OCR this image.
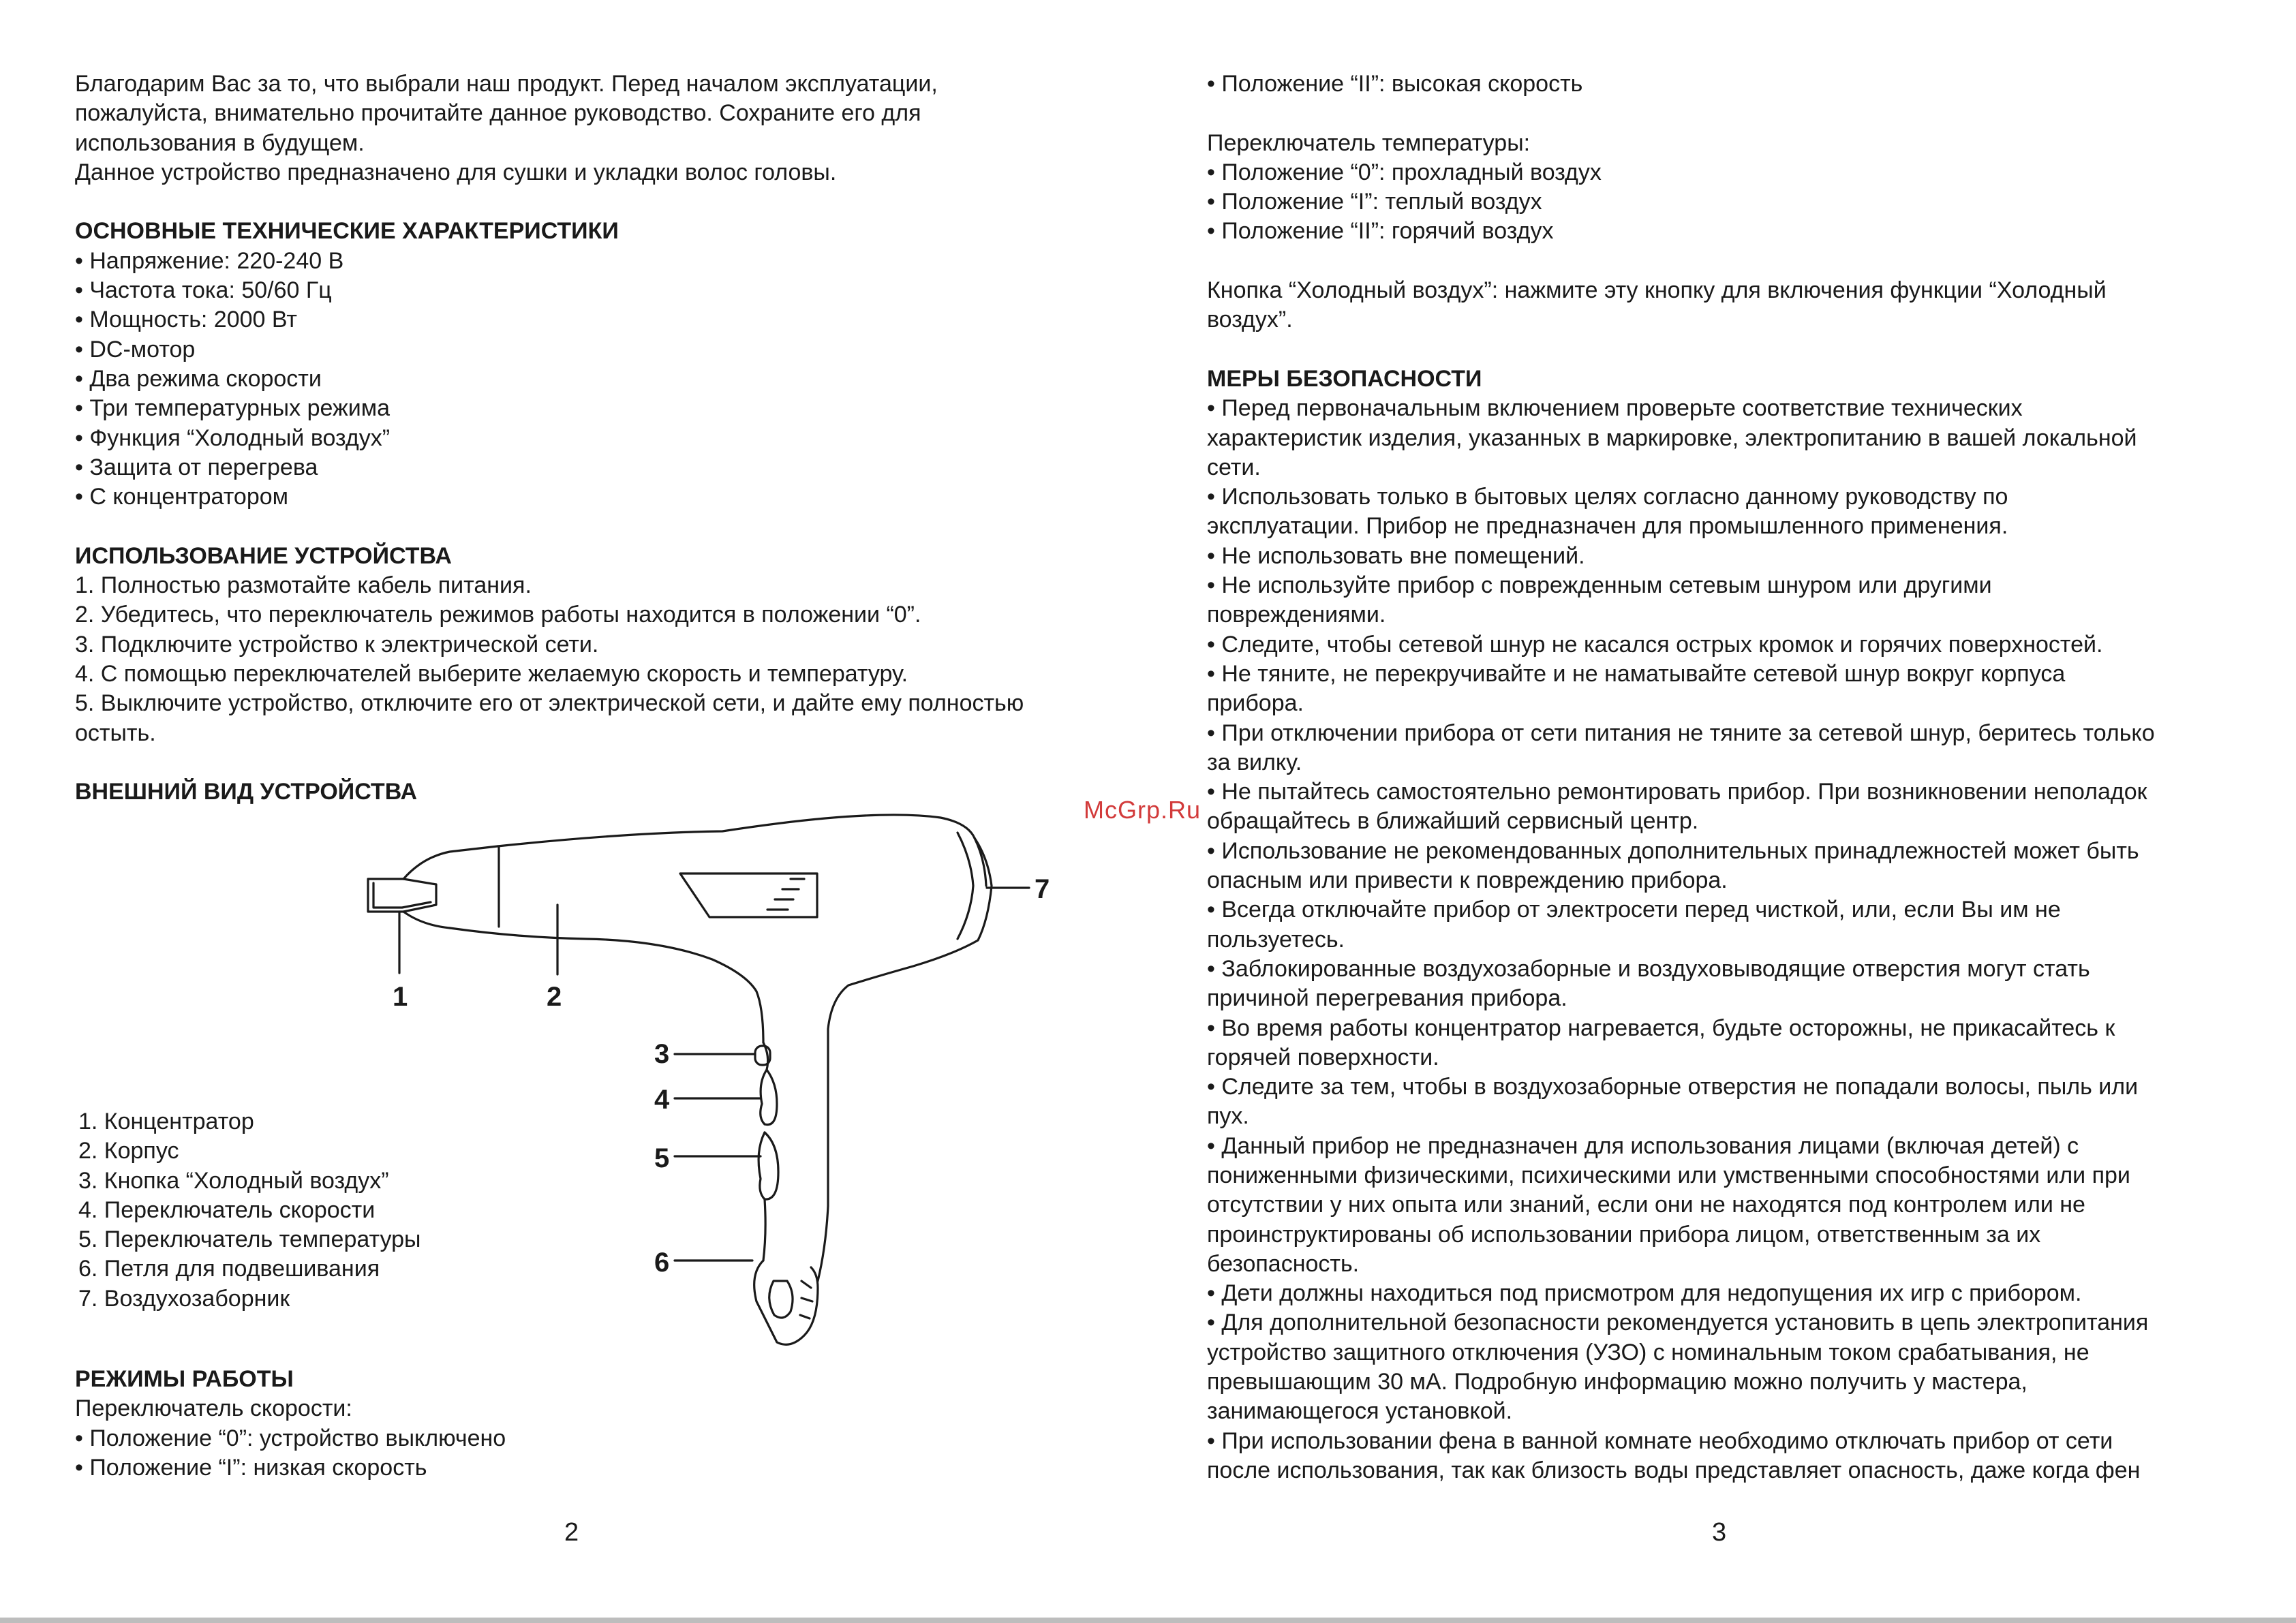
Благодарим Вас за то, что выбрали наш продукт. Перед началом эксплуатации,

пожалуйста, внимательно прочитайте данное руководство. Сохраните его для

использования в будущем.

Данное устройство предназначено для сушки и укладки волос головы.

ОСНОВНЫЕ ТЕХНИЧЕСКИЕ ХАРАКТЕРИСТИКИ

• Напряжение: 220-240 В

• Частота тока: 50/60 Гц

• Мощность: 2000 Вт

• DC-мотор

• Два режима скорости

• Три температурных режима

• Функция “Холодный воздух”

• Защита от перегрева

• С концентратором

ИСПОЛЬЗОВАНИЕ УСТРОЙСТВА

1. Полностью размотайте кабель питания.

2. Убедитесь, что переключатель режимов работы находится в положении “0”.

3. Подключите устройство к электрической сети.

4. С помощью переключателей выберите желаемую скорость и температуру.

5. Выключите устройство, отключите его от электрической сети, и дайте ему полностью

остыть.

ВНЕШНИЙ ВИД УСТРОЙСТВА
1	2
3
4
5
6
7

1. Концентратор

2. Корпус

3. Кнопка “Холодный воздух”

4. Переключатель скорости

5. Переключатель температуры

6. Петля для подвешивания

7. Воздухозаборник

РЕЖИМЫ РАБОТЫ

Переключатель скорости:

• Положение “0”: устройство выключено

• Положение “I”: низкая скорость

2

• Положение “II”: высокая скорость

Переключатель температуры:

• Положение “0”: прохладный воздух

• Положение “I”: теплый воздух

• Положение “II”: горячий воздух

Кнопка “Холодный воздух”: нажмите эту кнопку для включения функции “Холодный

воздух”.

МЕРЫ БЕЗОПАСНОСТИ

• Перед первоначальным включением проверьте соответствие технических

характеристик изделия, указанных в маркировке, электропитанию в вашей локальной

сети.

• Использовать только в бытовых целях согласно данному руководству по

эксплуатации. Прибор не предназначен для промышленного применения.

• Не использовать вне помещений.

• Не используйте прибор с поврежденным сетевым шнуром или другими

повреждениями.

• Следите, чтобы сетевой шнур не касался острых кромок и горячих поверхностей.

• Не тяните, не перекручивайте и не наматывайте сетевой шнур вокруг корпуса

прибора.

• При отключении прибора от сети питания не тяните за сетевой шнур, беритесь только

за вилку.

• Не пытайтесь самостоятельно ремонтировать прибор. При возникновении неполадок

обращайтесь в ближайший сервисный центр.

• Использование не рекомендованных дополнительных принадлежностей может быть

опасным или привести к повреждению прибора.

• Всегда отключайте прибор от электросети перед чисткой, или, если Вы им не

пользуетесь.

• Заблокированные воздухозаборные и воздуховыводящие отверстия могут стать

причиной перегревания прибора.

• Во время работы концентратор нагревается, будьте осторожны, не прикасайтесь к

горячей поверхности.

• Следите за тем, чтобы в воздухозаборные отверстия не попадали волосы, пыль или

пух.

• Данный прибор не предназначен для использования лицами (включая детей) с

пониженными физическими, психическими или умственными способностями или при

отсутствии у них опыта или знаний, если они не находятся под контролем или не

проинструктированы об использовании прибора лицом, ответственным за их

безопасность.

• Дети должны находиться под присмотром для недопущения их игр с прибором.

• Для дополнительной безопасности рекомендуется установить в цепь электропитания

устройство защитного отключения (УЗО) с номинальным током срабатывания, не

превышающим 30 мА. Подробную информацию можно получить у мастера,

занимающегося установкой.

• При использовании фена в ванной комнате необходимо отключать прибор от сети

после использования, так как близость воды представляет опасность, даже когда фен

3
McGrp.Ru
